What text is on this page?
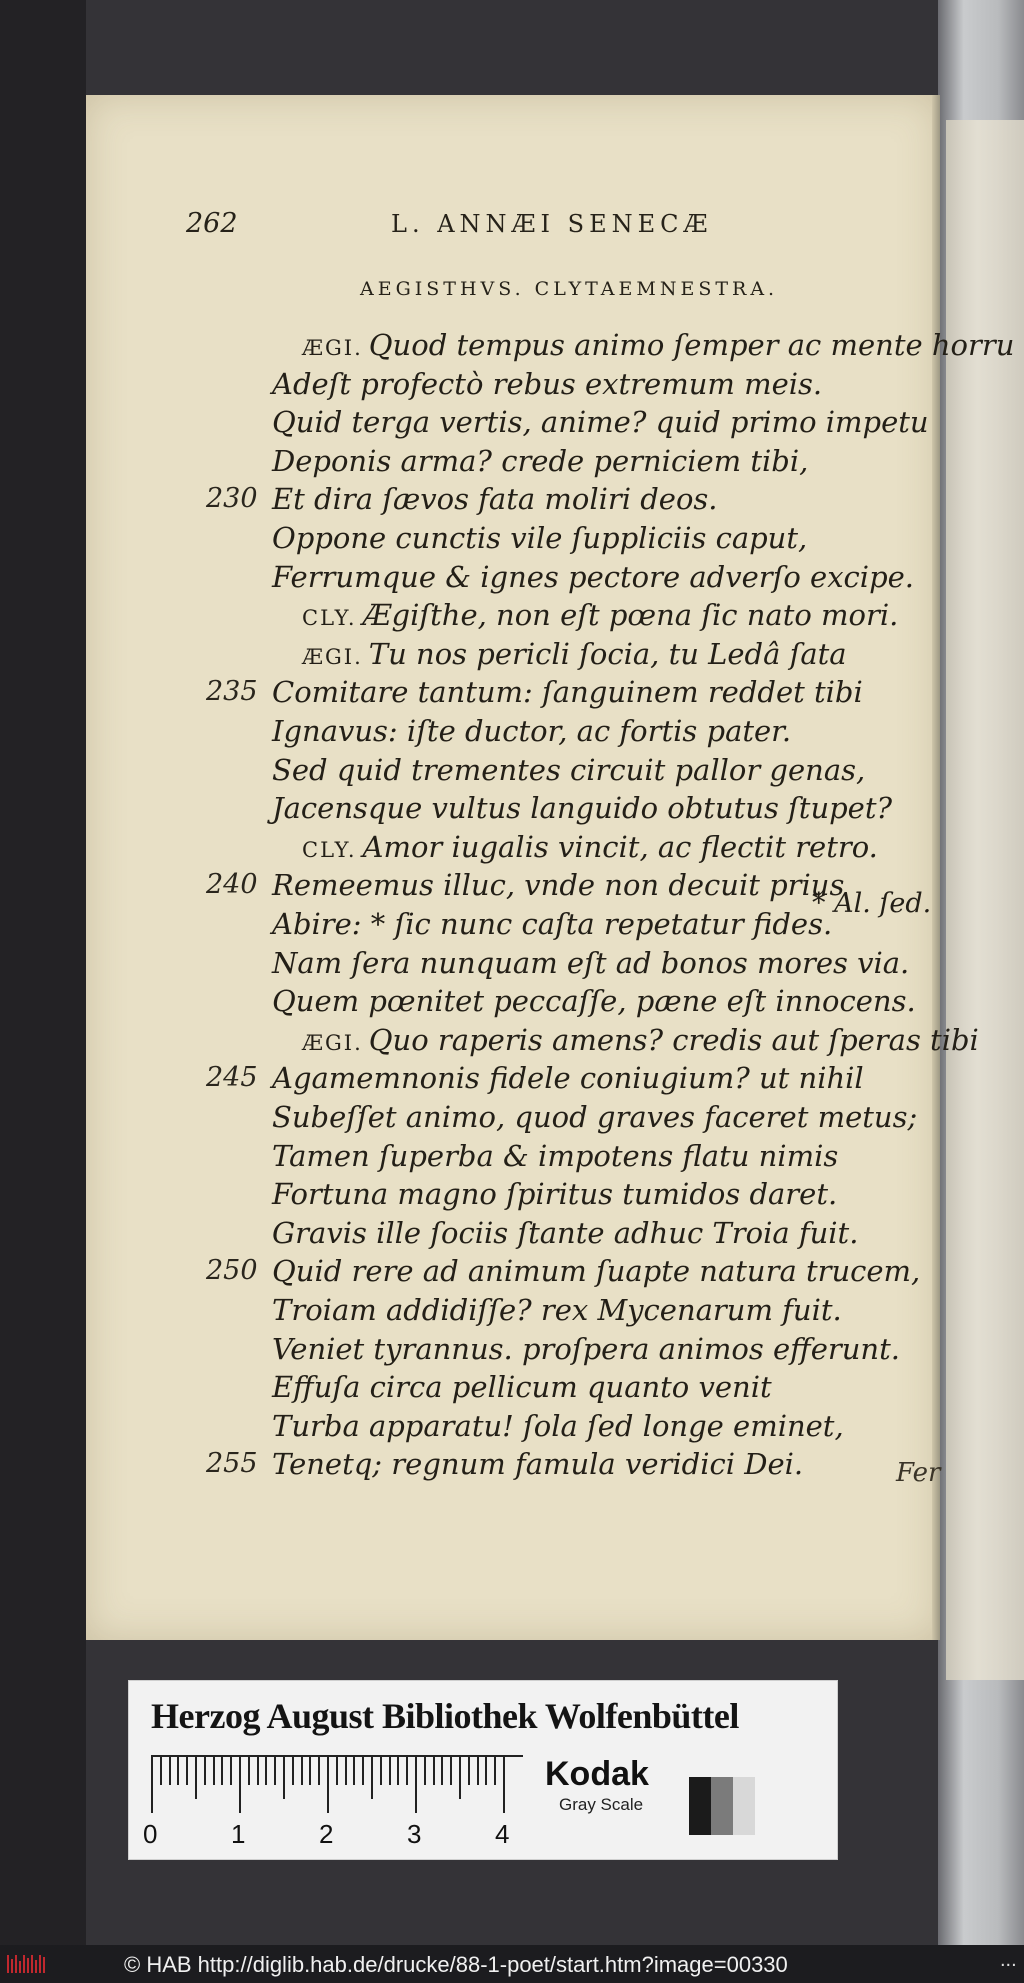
262	L. ANNÆI SENECÆ
AEGISTHVS. CLYTAEMNESTRA.
ÆGI. Quod tempus animo ſemper ac mente horru
Adeſt profectò rebus extremum meis.
Quid terga vertis, anime? quid primo impetu
Deponis arma? crede perniciem tibi,
Et dira ſævos fata moliri deos.
230
Oppone cunctis vile ſuppliciis caput,
Ferrumque & ignes pectore adverſo excipe.
CLY. Ægiſthe, non eſt pœna ſic nato mori.
ÆGI. Tu nos pericli ſocia, tu Ledâ ſata
Comitare tantum: ſanguinem reddet tibi
235
Ignavus: iſte ductor, ac fortis pater.
Sed quid trementes circuit pallor genas,
Jacensque vultus languido obtutus ſtupet?
CLY. Amor iugalis vincit, ac flectit retro.
Remeemus illuc, vnde non decuit prius
240
Abire: * ſic nunc caſta repetatur fides.
Nam ſera nunquam eſt ad bonos mores via.
Quem pœnitet peccaſſe, pæne eſt innocens.
ÆGI. Quo raperis amens? credis aut ſperas tibi
Agamemnonis fidele coniugium? ut nihil
245
Subeſſet animo, quod graves faceret metus;
Tamen ſuperba & impotens flatu nimis
Fortuna magno ſpiritus tumidos daret.
Gravis ille ſociis ſtante adhuc Troia fuit.
Quid rere ad animum ſuapte natura trucem,
250
Troiam addidiſſe? rex Mycenarum fuit.
Veniet tyrannus. proſpera animos efferunt.
Effuſa circa pellicum quanto venit
Turba apparatu! ſola ſed longe eminet,
Tenetq; regnum famula veridici Dei.
255
* Al. ſed.
Fer
Herzog August Bibliothek Wolfenbüttel
Kodak
Gray Scale
0	1	2	3	4
© HAB http://diglib.hab.de/drucke/88-1-poet/start.htm?image=00330	...
